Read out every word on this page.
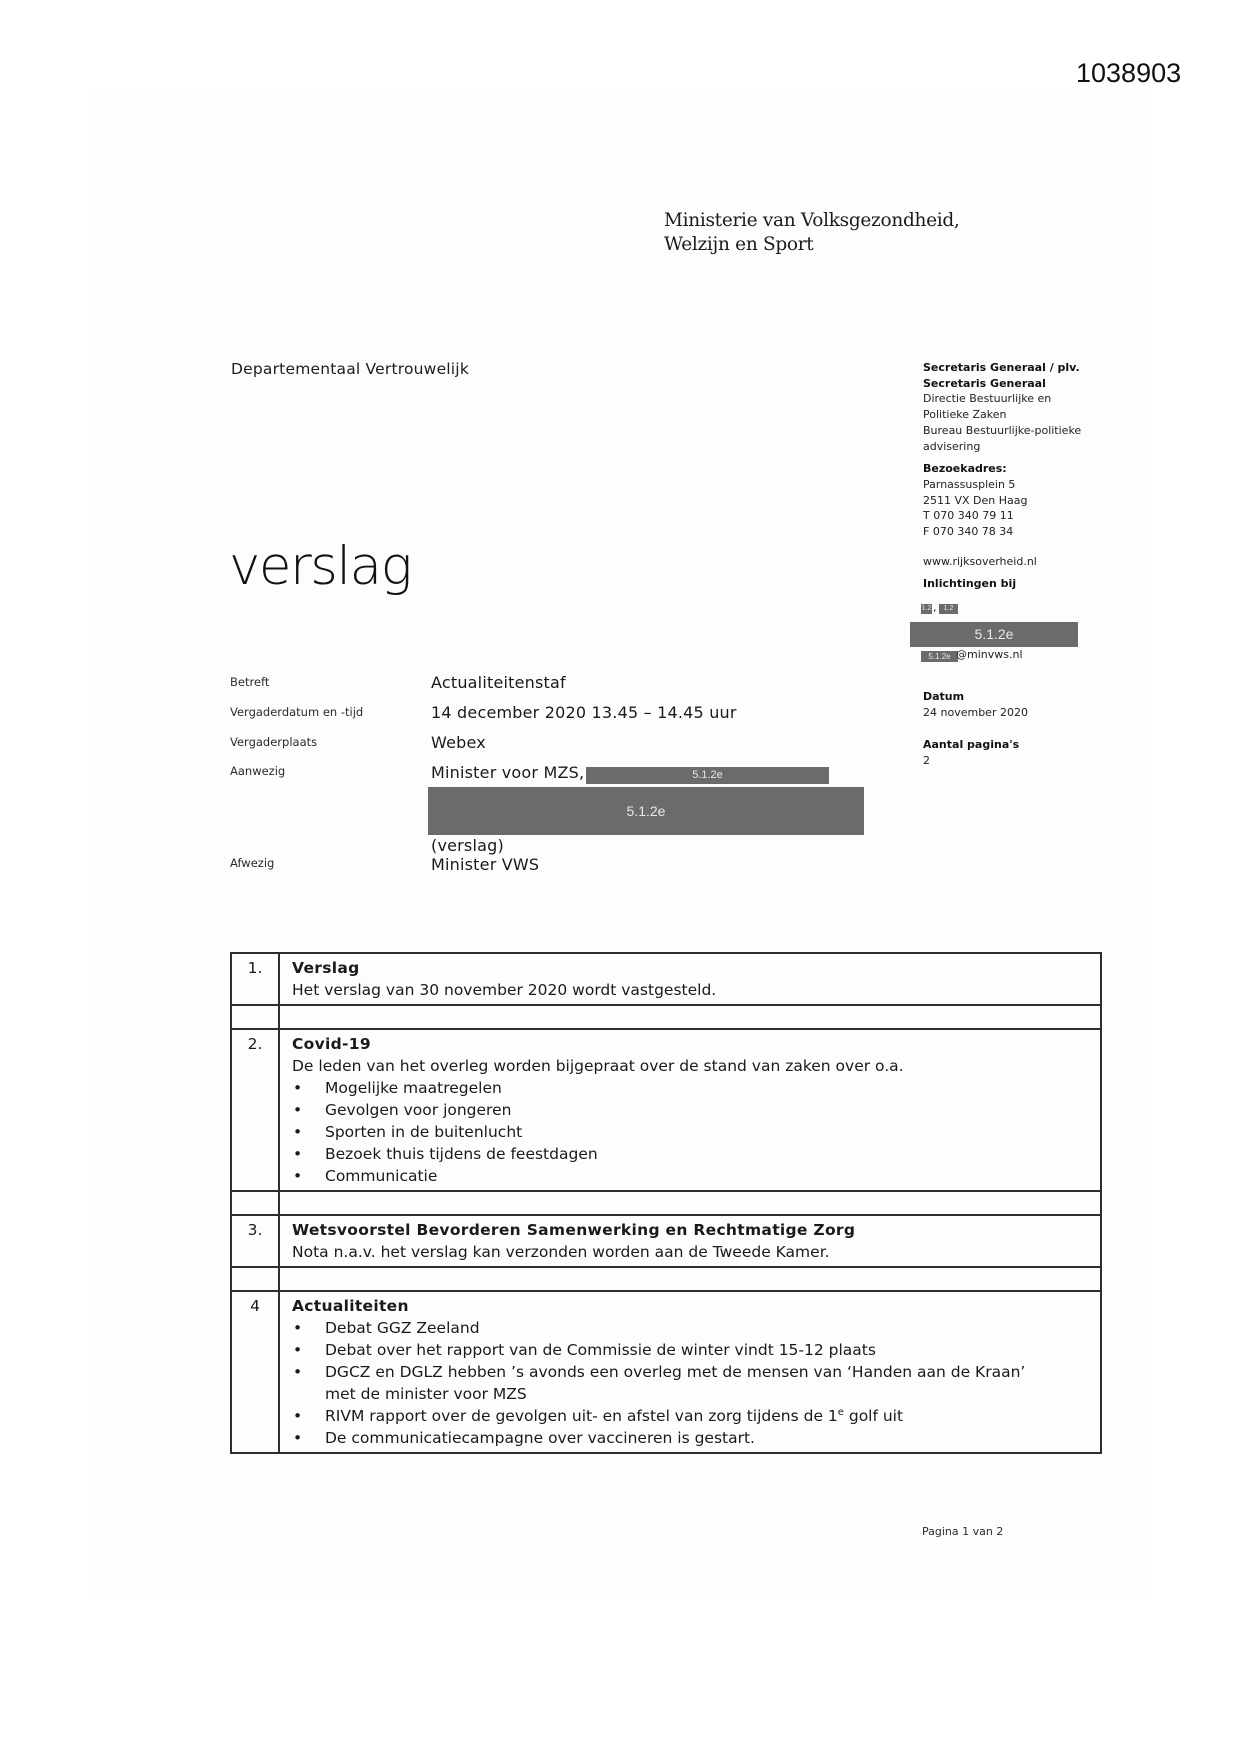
1038903
Ministerie van Volksgezondheid,
Welzijn en Sport
Departementaal Vertrouwelijk
verslag
Secretaris Generaal / plv.
Secretaris Generaal
Directie Bestuurlijke en
Politieke Zaken
Bureau Bestuurlijke-politieke
advisering
Bezoekadres:
Parnassusplein 5
2511 VX Den Haag
T 070 340 79 11
F 070 340 78 34
www.rijksoverheid.nl
Inlichtingen bij
1.2 ,	1.2
5.1.2e
5.1.2e @minvws.nl
Datum
24 november 2020
Aantal pagina's
2
Betreft	Actualiteitenstaf
Vergaderdatum en -tijd	14 december 2020 13.45 – 14.45 uur
Vergaderplaats	Webex
Aanwezig	Minister voor MZS,	5.1.2e
5.1.2e
(verslag)
Afwezig	Minister VWS
1.	Verslag
Het verslag van 30 november 2020 wordt vastgesteld.

2.	Covid-19
De leden van het overleg worden bijgepraat over de stand van zaken over o.a.
• Mogelijke maatregelen
• Gevolgen voor jongeren
• Sporten in de buitenlucht
• Bezoek thuis tijdens de feestdagen
• Communicatie

3.	Wetsvoorstel Bevorderen Samenwerking en Rechtmatige Zorg
Nota n.a.v. het verslag kan verzonden worden aan de Tweede Kamer.

4	Actualiteiten
• Debat GGZ Zeeland
• Debat over het rapport van de Commissie de winter vindt 15-12 plaats
• DGCZ en DGLZ hebben ’s avonds een overleg met de mensen van ‘Handen aan de Kraan’ met de minister voor MZS
• RIVM rapport over de gevolgen uit- en afstel van zorg tijdens de 1e golf uit
• De communicatiecampagne over vaccineren is gestart.
Pagina 1 van 2
